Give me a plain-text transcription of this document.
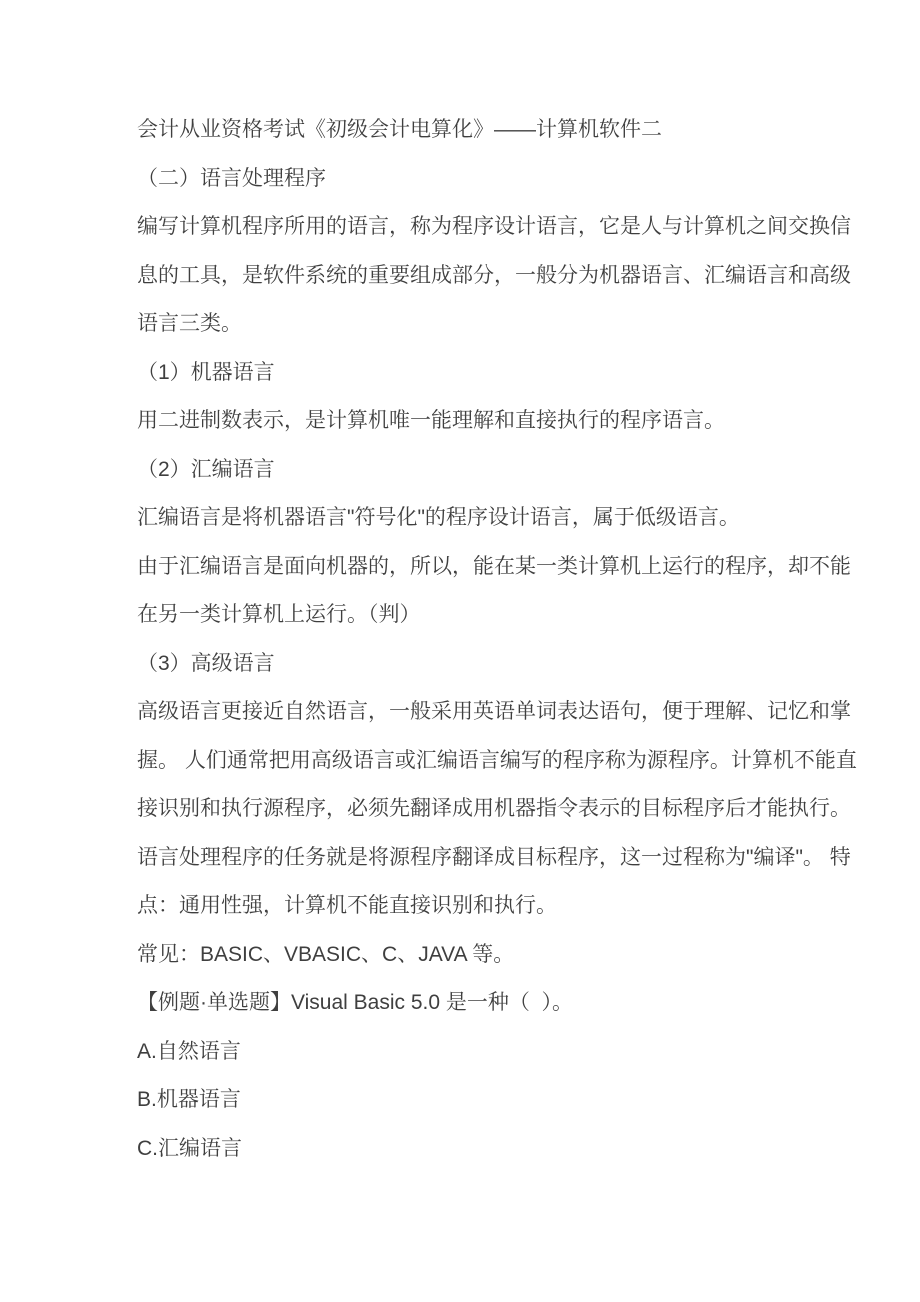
会计从业资格考试《初级会计电算化》——计算机软件二
（二）语言处理程序
编写计算机程序所用的语言，称为程序设计语言，它是人与计算机之间交换信
息的工具，是软件系统的重要组成部分，一般分为机器语言、汇编语言和高级
语言三类。
（1）机器语言
用二进制数表示，是计算机唯一能理解和直接执行的程序语言。
（2）汇编语言
汇编语言是将机器语言"符号化"的程序设计语言，属于低级语言。
由于汇编语言是面向机器的，所以，能在某一类计算机上运行的程序，却不能
在另一类计算机上运行。（判）
（3）高级语言
高级语言更接近自然语言，一般采用英语单词表达语句，便于理解、记忆和掌
握。 人们通常把用高级语言或汇编语言编写的程序称为源程序。计算机不能直
接识别和执行源程序，必须先翻译成用机器指令表示的目标程序后才能执行。
语言处理程序的任务就是将源程序翻译成目标程序，这一过程称为"编译"。 特
点：通用性强，计算机不能直接识别和执行。
常见：BASIC、VBASIC、C、JAVA 等。
【例题·单选题】Visual Basic 5.0 是一种（  ）。
A.自然语言
B.机器语言
C.汇编语言
